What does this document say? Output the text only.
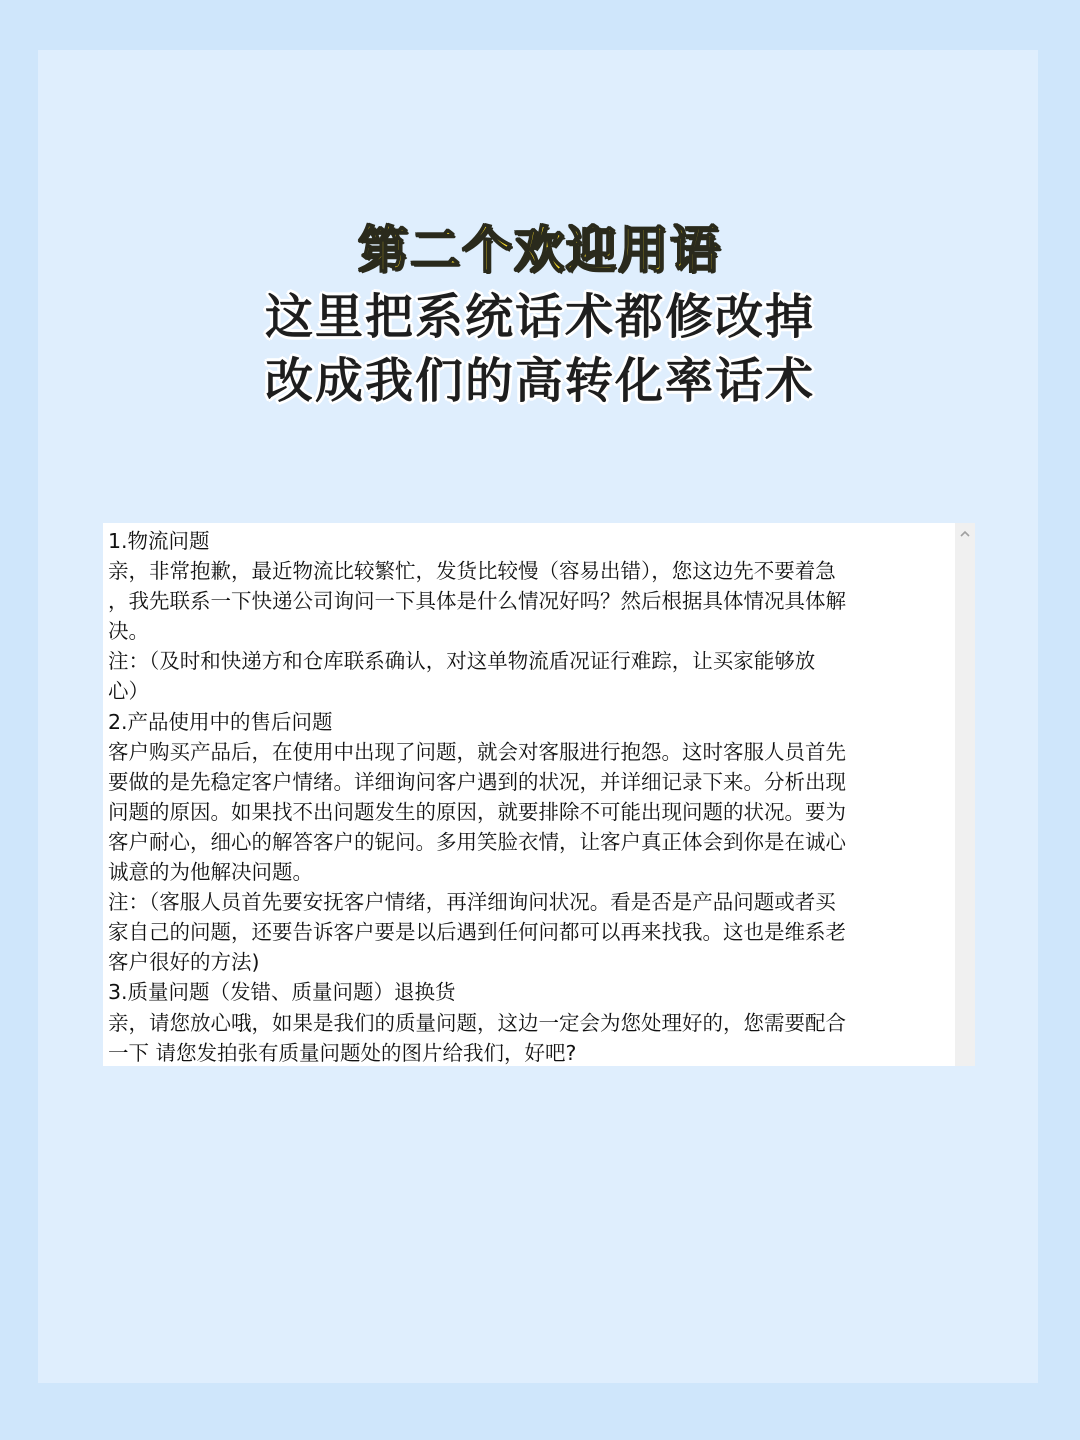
第二个欢迎用语
这里把系统话术都修改掉
改成我们的高转化率话术
1.物流问题
亲，非常抱歉，最近物流比较繁忙，发货比较慢（容易出错），您这边先不要着急
，我先联系一下快递公司询问一下具体是什么情况好吗？然后根据具体情况具体解
决。
注：（及时和快递方和仓库联系确认，对这单物流盾况证行难踪，让买家能够放
心）
2.产品使用中的售后问题
客户购买产品后，在使用中出现了问题，就会对客服进行抱怨。这时客服人员首先
要做的是先稳定客户情绪。详细询问客户遇到的状况，并详细记录下来。分析出现
问题的原因。如果找不出问题发生的原因，就要排除不可能出现问题的状况。要为
客户耐心，细心的解答客户的铌问。多用笑脸衣情，让客户真正体会到你是在诚心
诚意的为他解决问题。
注：（客服人员首先要安抚客户情绪，再洋细询问状况。看是否是产品问题或者买
家自己的问题，还要告诉客户要是以后遇到任何问都可以再来找我。这也是维系老
客户很好的方法)
3.质量问题（发错、质量问题）退换货
亲，请您放心哦，如果是我们的质量问题，这边一定会为您处理好的，您需要配合
一下 请您发拍张有质量问题处的图片给我们，好吧?
